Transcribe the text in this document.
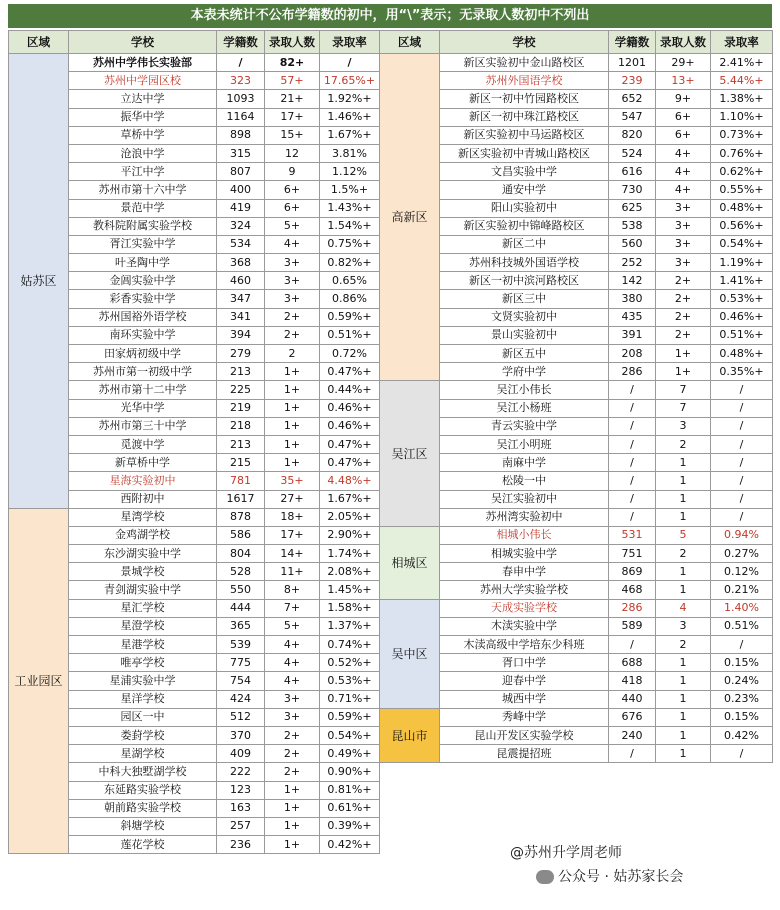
本表未统计不公布学籍数的初中，用“\”表示；无录取人数初中不列出
区域	学校	学籍数	录取人数	录取率	区域	学校	学籍数	录取人数	录取率
姑苏区	苏州中学伟长实验部	/	82+	/	高新区	新区实验初中金山路校区	1201	29+	2.41%+
	苏州中学园区校	323	57+	17.65%+		苏州外国语学校	239	13+	5.44%+
	立达中学	1093	21+	1.92%+		新区一初中竹园路校区	652	9+	1.38%+
	振华中学	1164	17+	1.46%+		新区一初中珠江路校区	547	6+	1.10%+
	草桥中学	898	15+	1.67%+		新区实验初中马运路校区	820	6+	0.73%+
	沧浪中学	315	12	3.81%		新区实验初中青城山路校区	524	4+	0.76%+
	平江中学	807	9	1.12%		文昌实验中学	616	4+	0.62%+
	苏州市第十六中学	400	6+	1.5%+		通安中学	730	4+	0.55%+
	景范中学	419	6+	1.43%+		阳山实验初中	625	3+	0.48%+
	教科院附属实验学校	324	5+	1.54%+		新区实验初中锦峰路校区	538	3+	0.56%+
	胥江实验中学	534	4+	0.75%+		新区二中	560	3+	0.54%+
	叶圣陶中学	368	3+	0.82%+		苏州科技城外国语学校	252	3+	1.19%+
	金阊实验中学	460	3+	0.65%		新区一初中滨河路校区	142	2+	1.41%+
	彩香实验中学	347	3+	0.86%		新区三中	380	2+	0.53%+
	苏州国裕外语学校	341	2+	0.59%+		文贤实验初中	435	2+	0.46%+
	南环实验中学	394	2+	0.51%+		景山实验初中	391	2+	0.51%+
	田家炳初级中学	279	2	0.72%		新区五中	208	1+	0.48%+
	苏州市第一初级中学	213	1+	0.47%+		学府中学	286	1+	0.35%+
	苏州市第十二中学	225	1+	0.44%+	吴江区	吴江小伟长	/	7	/
	光华中学	219	1+	0.46%+		吴江小杨班	/	7	/
	苏州市第三十中学	218	1+	0.46%+		青云实验中学	/	3	/
	觅渡中学	213	1+	0.47%+		吴江小明班	/	2	/
	新草桥中学	215	1+	0.47%+		南麻中学	/	1	/
	星海实验初中	781	35+	4.48%+		松陵一中	/	1	/
	西附初中	1617	27+	1.67%+		吴江实验初中	/	1	/
工业园区	星湾学校	878	18+	2.05%+		苏州湾实验初中	/	1	/
	金鸡湖学校	586	17+	2.90%+	相城区	相城小伟长	531	5	0.94%
	东沙湖实验中学	804	14+	1.74%+		相城实验中学	751	2	0.27%
	景城学校	528	11+	2.08%+		春申中学	869	1	0.12%
	青剑湖实验中学	550	8+	1.45%+		苏州大学实验学校	468	1	0.21%
	星汇学校	444	7+	1.58%+	吴中区	天成实验学校	286	4	1.40%
	星澄学校	365	5+	1.37%+		木渎实验中学	589	3	0.51%
	星港学校	539	4+	0.74%+		木渎高级中学培东少科班	/	2	/
	唯亭学校	775	4+	0.52%+		胥口中学	688	1	0.15%
	星浦实验中学	754	4+	0.53%+		迎春中学	418	1	0.24%
	星洋学校	424	3+	0.71%+		城西中学	440	1	0.23%
	园区一中	512	3+	0.59%+	昆山市	秀峰中学	676	1	0.15%
	娄葑学校	370	2+	0.54%+		昆山开发区实验学校	240	1	0.42%
	星湖学校	409	2+	0.49%+		昆震提招班	/	1	/
	中科大独墅湖学校	222	2+	0.90%+					
	东延路实验学校	123	1+	0.81%+					
	朝前路实验学校	163	1+	0.61%+					
	斜塘学校	257	1+	0.39%+					
	莲花学校	236	1+	0.42%+					
@苏州升学周老师
公众号 · 姑苏家长会
